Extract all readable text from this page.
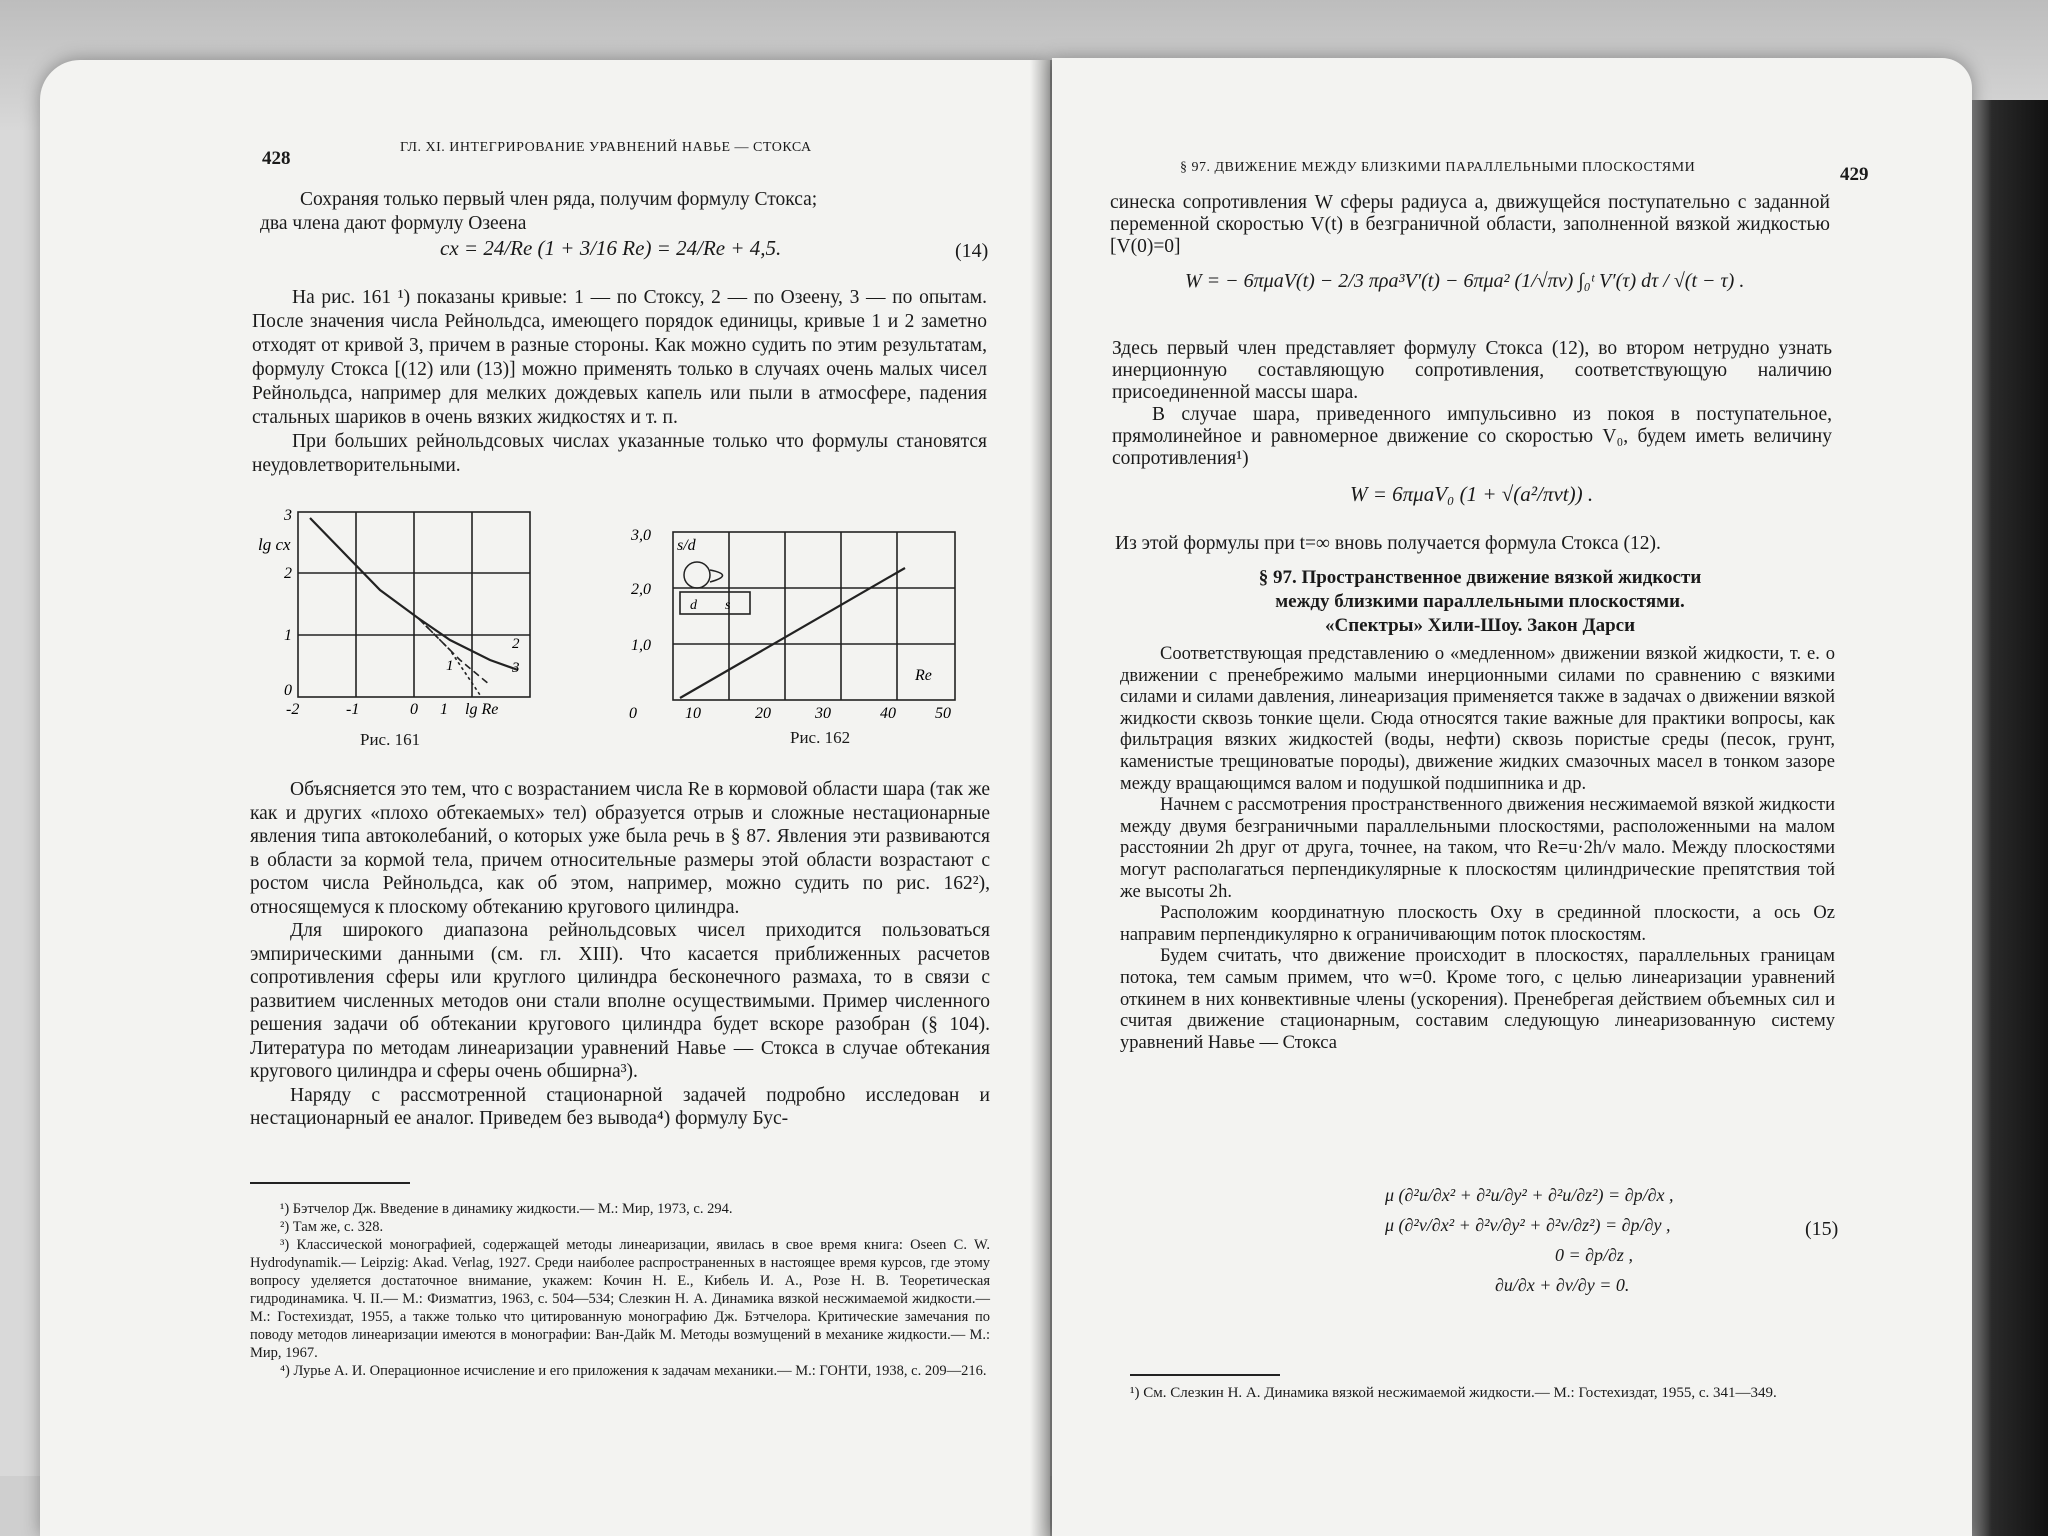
428
ГЛ. XI. ИНТЕГРИРОВАНИЕ УРАВНЕНИЙ НАВЬЕ — СТОКСА

Сохраняя только первый член ряда, получим формулу Стокса;

два члена дают формулу Озеена
cx = 24/Re (1 + 3/16 Re) = 24/Re + 4,5.	(14)

На рис. 161 ¹) показаны кривые: 1 — по Стоксу, 2 — по Озеену, 3 — по опытам. После значения числа Рейнольдса, имеющего порядок единицы, кривые 1 и 2 заметно отходят от кривой 3, причем в разные стороны. Как можно судить по этим результатам, формулу Стокса [(12) или (13)] можно применять только в случаях очень малых чисел Рейнольдса, например для мелких дождевых капель или пыли в атмосфере, падения стальных шариков в очень вязких жидкостях и т. п.

При больших рейнольдсовых числах указанные только что формулы становятся неудовлетворительными.

lg cx
lg Re
-2	-1	0 1
0
1
2
3
1
2
3
Рис. 161
s/d
Re
d s
3,0
2,0
1,0
0	10	20	30	40 50
Рис. 162

Объясняется это тем, что с возрастанием числа Re в кормовой области шара (так же как и других «плохо обтекаемых» тел) образуется отрыв и сложные нестационарные явления типа автоколебаний, о которых уже была речь в § 87. Явления эти развиваются в области за кормой тела, причем относительные размеры этой области возрастают с ростом числа Рейнольдса, как об этом, например, можно судить по рис. 162²), относящемуся к плоскому обтеканию кругового цилиндра.

Для широкого диапазона рейнольдсовых чисел приходится пользоваться эмпирическими данными (см. гл. XIII). Что касается приближенных расчетов сопротивления сферы или круглого цилиндра бесконечного размаха, то в связи с развитием численных методов они стали вполне осуществимыми. Пример численного решения задачи об обтекании кругового цилиндра будет вскоре разобран (§ 104). Литература по методам линеаризации уравнений Навье — Стокса в случае обтекания кругового цилиндра и сферы очень обширна³).

Наряду с рассмотренной стационарной задачей подробно исследован и нестационарный ее аналог. Приведем без вывода⁴) формулу Бус-

¹) Бэтчелор Дж. Введение в динамику жидкости.— М.: Мир, 1973, с. 294.
²) Там же, с. 328.
³) Классической монографией, содержащей методы линеаризации, явилась в свое время книга: Oseen C. W. Hydrodynamik.— Leipzig: Akad. Verlag, 1927. Среди наиболее распространенных в настоящее время курсов, где этому вопросу уделяется достаточное внимание, укажем: Кочин Н. Е., Кибель И. А., Розе Н. В. Теоретическая гидродинамика. Ч. II.— М.: Физматгиз, 1963, с. 504—534; Слезкин Н. А. Динамика вязкой несжимаемой жидкости.— М.: Гостехиздат, 1955, а также только что цитированную монографию Дж. Бэтчелора. Критические замечания по поводу методов линеаризации имеются в монографии: Ван-Дайк М. Методы возмущений в механике жидкости.— М.: Мир, 1967.
⁴) Лурье А. И. Операционное исчисление и его приложения к задачам механики.— М.: ГОНТИ, 1938, с. 209—216.
§ 97. ДВИЖЕНИЕ МЕЖДУ БЛИЗКИМИ ПАРАЛЛЕЛЬНЫМИ ПЛОСКОСТЯМИ	429
синеска сопротивления W сферы радиуса a, движущейся поступательно с заданной переменной скоростью V(t) в безграничной области, заполненной вязкой жидкостью [V(0)=0]
W = − 6πμaV(t) − 2/3 πρa³V′(t) − 6πμa² (1/√πν) ∫₀ᵗ V′(τ) dτ / √(t − τ) .

Здесь первый член представляет формулу Стокса (12), во втором нетрудно узнать инерционную составляющую сопротивления, соответствующую наличию присоединенной массы шара.

В случае шара, приведенного импульсивно из покоя в поступательное, прямолинейное и равномерное движение со скоростью V₀, будем иметь величину сопротивления¹)

W = 6πμaV₀ (1 + √(a²/πνt)) .
Из этой формулы при t=∞ вновь получается формула Стокса (12).
§ 97. Пространственное движение вязкой жидкости
между близкими параллельными плоскостями.
«Спектры» Хили-Шоу. Закон Дарси

Соответствующая представлению о «медленном» движении вязкой жидкости, т. е. о движении с пренебрежимо малыми инерционными силами по сравнению с вязкими силами и силами давления, линеаризация применяется также в задачах о движении вязкой жидкости сквозь тонкие щели. Сюда относятся такие важные для практики вопросы, как фильтрация вязких жидкостей (воды, нефти) сквозь пористые среды (песок, грунт, каменистые трещиноватые породы), движение жидких смазочных масел в тонком зазоре между вращающимся валом и подушкой подшипника и др.

Начнем с рассмотрения пространственного движения несжимаемой вязкой жидкости между двумя безграничными параллельными плоскостями, расположенными на малом расстоянии 2h друг от друга, точнее, на таком, что Re=u·2h/ν мало. Между плоскостями могут располагаться перпендикулярные к плоскостям цилиндрические препятствия той же высоты 2h.

Расположим координатную плоскость Oxy в срединной плоскости, а ось Oz направим перпендикулярно к ограничивающим поток плоскостям.

Будем считать, что движение происходит в плоскостях, параллельных границам потока, тем самым примем, что w=0. Кроме того, с целью линеаризации уравнений откинем в них конвективные члены (ускорения). Пренебрегая действием объемных сил и считая движение стационарным, составим следующую линеаризованную систему уравнений Навье — Стокса

μ (∂²u/∂x² + ∂²u/∂y² + ∂²u/∂z²) = ∂p/∂x ,
μ (∂²v/∂x² + ∂²v/∂y² + ∂²v/∂z²) = ∂p/∂y ,
0 = ∂p/∂z ,
∂u/∂x + ∂v/∂y = 0.
(15)
¹) См. Слезкин Н. А. Динамика вязкой несжимаемой жидкости.— М.: Гостехиздат, 1955, с. 341—349.
